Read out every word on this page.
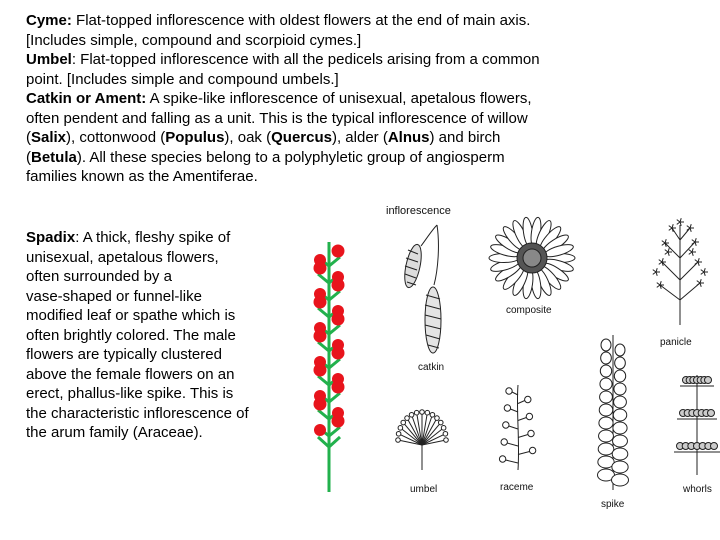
Cyme: Flat-topped inflorescence with oldest flowers at the end of main axis.
[Includes simple, compound and scorpioid cymes.]

Umbel: Flat-topped inflorescence with all the pedicels arising from a common
point. [Includes simple and compound umbels.]

Catkin or Ament: A spike-like inflorescence of unisexual, apetalous flowers,
often pendent and falling as a unit. This is the typical inflorescence of willow
(Salix), cottonwood (Populus), oak (Quercus), alder (Alnus) and birch
(Betula). All these species belong to a polyphyletic group of angiosperm
families known as the Amentiferae.

Spadix: A thick, fleshy spike of
unisexual, apetalous flowers,
often surrounded by a
vase-shaped or funnel-like
modified leaf or spathe which is
often brightly colored. The male
flowers are typically clustered
above the female flowers on an
erect, phallus-like spike. This is
the characteristic inflorescence of
the arum family (Araceae).

inflorescence
catkin
composite
panicle
umbel	raceme
spike
whorls
